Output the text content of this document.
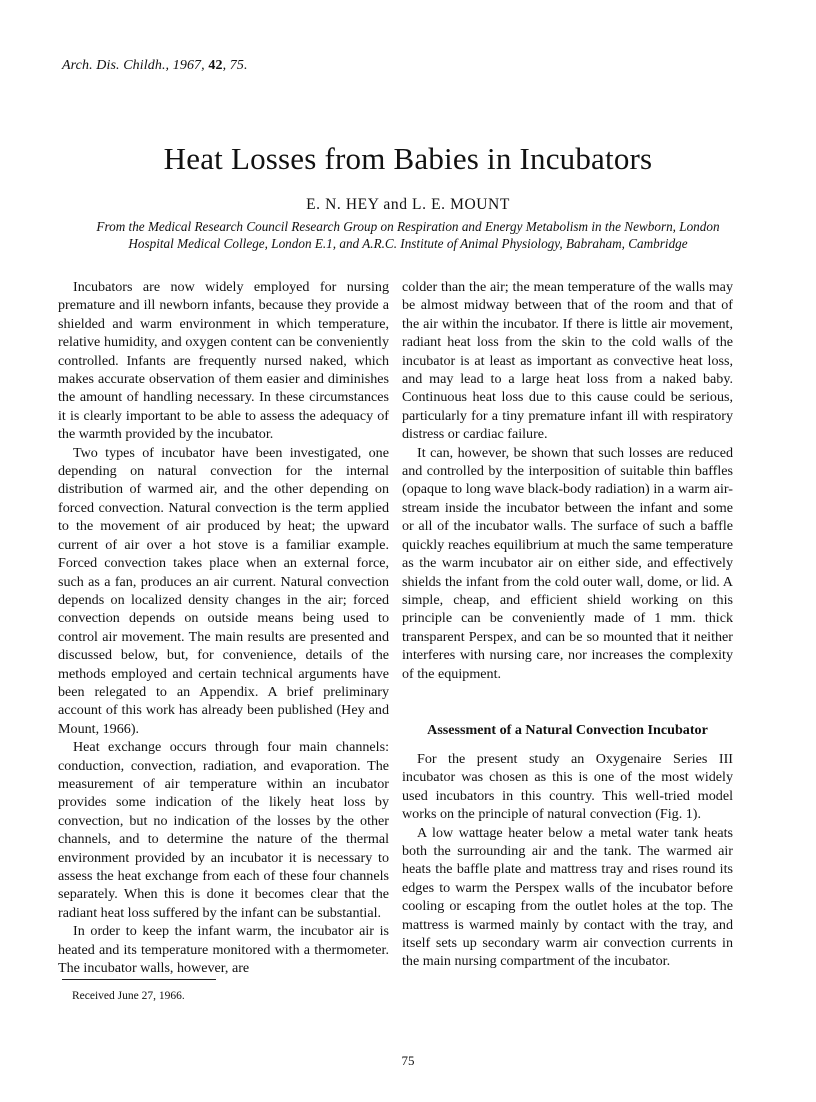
Arch. Dis. Childh., 1967, 42, 75.
Heat Losses from Babies in Incubators
E. N. HEY and L. E. MOUNT
From the Medical Research Council Research Group on Respiration and Energy Metabolism in the Newborn, London Hospital Medical College, London E.1, and A.R.C. Institute of Animal Physiology, Babraham, Cambridge

Incubators are now widely employed for nursing premature and ill newborn infants, because they provide a shielded and warm environment in which temperature, relative humidity, and oxygen content can be conveniently controlled. Infants are frequently nursed naked, which makes accurate observation of them easier and diminishes the amount of handling necessary. In these circumstances it is clearly important to be able to assess the adequacy of the warmth provided by the incubator.

Two types of incubator have been investigated, one depending on natural convection for the internal distribution of warmed air, and the other depending on forced convection. Natural convection is the term applied to the movement of air produced by heat; the upward current of air over a hot stove is a familiar example. Forced convection takes place when an external force, such as a fan, produces an air current. Natural convection depends on localized density changes in the air; forced convection depends on outside means being used to control air movement. The main results are presented and discussed below, but, for convenience, details of the methods employed and certain technical arguments have been relegated to an Appendix. A brief preliminary account of this work has already been published (Hey and Mount, 1966).

Heat exchange occurs through four main channels: conduction, convection, radiation, and evaporation. The measurement of air temperature within an incubator provides some indication of the likely heat loss by convection, but no indication of the losses by the other channels, and to determine the nature of the thermal environment provided by an incubator it is necessary to assess the heat exchange from each of these four channels separately. When this is done it becomes clear that the radiant heat loss suffered by the infant can be substantial.

In order to keep the infant warm, the incubator air is heated and its temperature monitored with a thermometer. The incubator walls, however, are

colder than the air; the mean temperature of the walls may be almost midway between that of the room and that of the air within the incubator. If there is little air movement, radiant heat loss from the skin to the cold walls of the incubator is at least as important as convective heat loss, and may lead to a large heat loss from a naked baby. Continuous heat loss due to this cause could be serious, particularly for a tiny premature infant ill with respiratory distress or cardiac failure.

It can, however, be shown that such losses are reduced and controlled by the interposition of suitable thin baffles (opaque to long wave black-body radiation) in a warm air-stream inside the incubator between the infant and some or all of the incubator walls. The surface of such a baffle quickly reaches equilibrium at much the same temperature as the warm incubator air on either side, and effectively shields the infant from the cold outer wall, dome, or lid. A simple, cheap, and efficient shield working on this principle can be conveniently made of 1 mm. thick transparent Perspex, and can be so mounted that it neither interferes with nursing care, nor increases the complexity of the equipment.

Assessment of a Natural Convection Incubator

For the present study an Oxygenaire Series III incubator was chosen as this is one of the most widely used incubators in this country. This well-tried model works on the principle of natural convection (Fig. 1).

A low wattage heater below a metal water tank heats both the surrounding air and the tank. The warmed air heats the baffle plate and mattress tray and rises round its edges to warm the Perspex walls of the incubator before cooling or escaping from the outlet holes at the top. The mattress is warmed mainly by contact with the tray, and itself sets up secondary warm air convection currents in the main nursing compartment of the incubator.

Received June 27, 1966.
75
